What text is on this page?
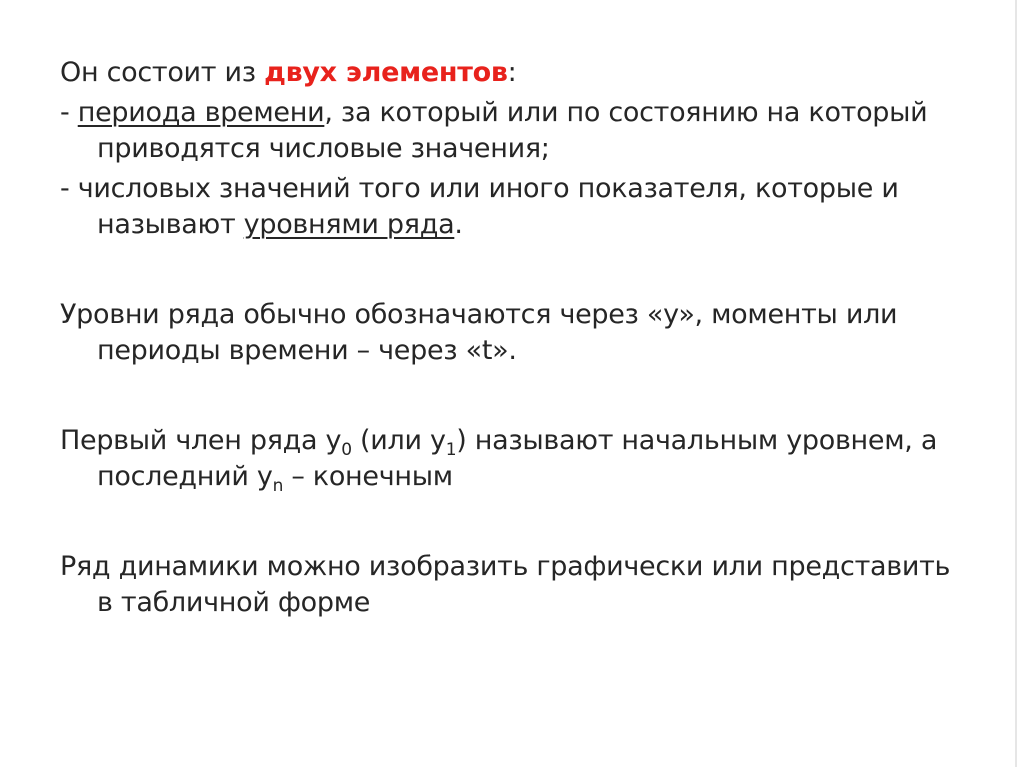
Он состоит из двух элементов:

- периода времени, за который или по состоянию на который приводятся числовые значения;

- числовых значений того или иного показателя, которые и называют уровнями ряда.

Уровни ряда обычно обозначаются через «y», моменты или периоды времени – через «t».

Первый член ряда $y_0$ (или $y_1$) называют начальным уровнем, а последний $y_n$ – конечным

Ряд динамики можно изобразить графически или представить в табличной форме
